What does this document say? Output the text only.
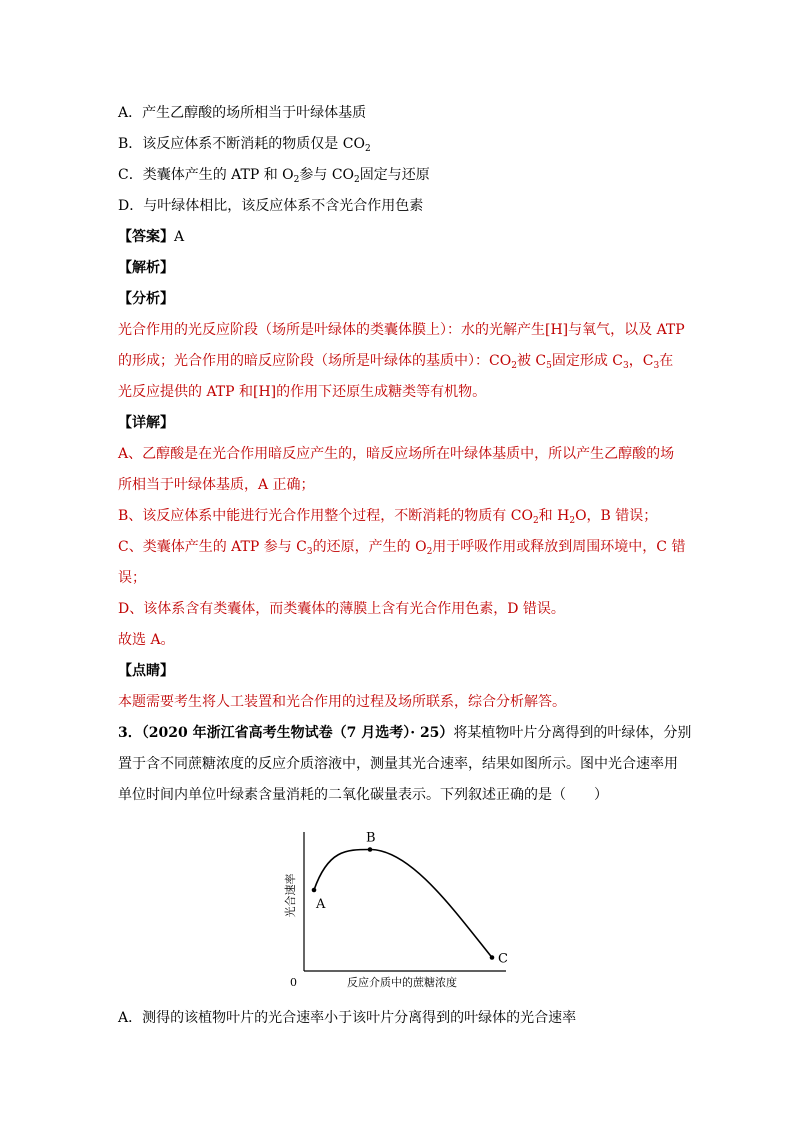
A．产生乙醇酸的场所相当于叶绿体基质
B．该反应体系不断消耗的物质仅是 $CO_2$
C．类囊体产生的 ATP 和 $O_2$参与 $CO_2$固定与还原
D．与叶绿体相比，该反应体系不含光合作用色素
【答案】A
【解析】
【分析】
光合作用的光反应阶段（场所是叶绿体的类囊体膜上）：水的光解产生[H]与氧气，以及 ATP
的形成；光合作用的暗反应阶段（场所是叶绿体的基质中）：$CO_2$被 $C_5$固定形成 $C_3$，$C_3$在
光反应提供的 ATP 和[H]的作用下还原生成糖类等有机物。
【详解】
A、乙醇酸是在光合作用暗反应产生的，暗反应场所在叶绿体基质中，所以产生乙醇酸的场
所相当于叶绿体基质，A 正确；
B、该反应体系中能进行光合作用整个过程，不断消耗的物质有 $CO_2$和 $H_2O$，B 错误；
C、类囊体产生的 ATP 参与 $C_3$的还原，产生的 $O_2$用于呼吸作用或释放到周围环境中，C 错
误；
D、该体系含有类囊体，而类囊体的薄膜上含有光合作用色素，D 错误。
故选 A。
【点睛】
本题需要考生将人工装置和光合作用的过程及场所联系，综合分析解答。
3．（2020 年浙江省高考生物试卷（7 月选考）· 25）将某植物叶片分离得到的叶绿体，分别
置于含不同蔗糖浓度的反应介质溶液中，测量其光合速率，结果如图所示。图中光合速率用
单位时间内单位叶绿素含量消耗的二氧化碳量表示。下列叙述正确的是（　　）
0	反应介质中的蔗糖浓度
光合速率 A
B
C
A．测得的该植物叶片的光合速率小于该叶片分离得到的叶绿体的光合速率
